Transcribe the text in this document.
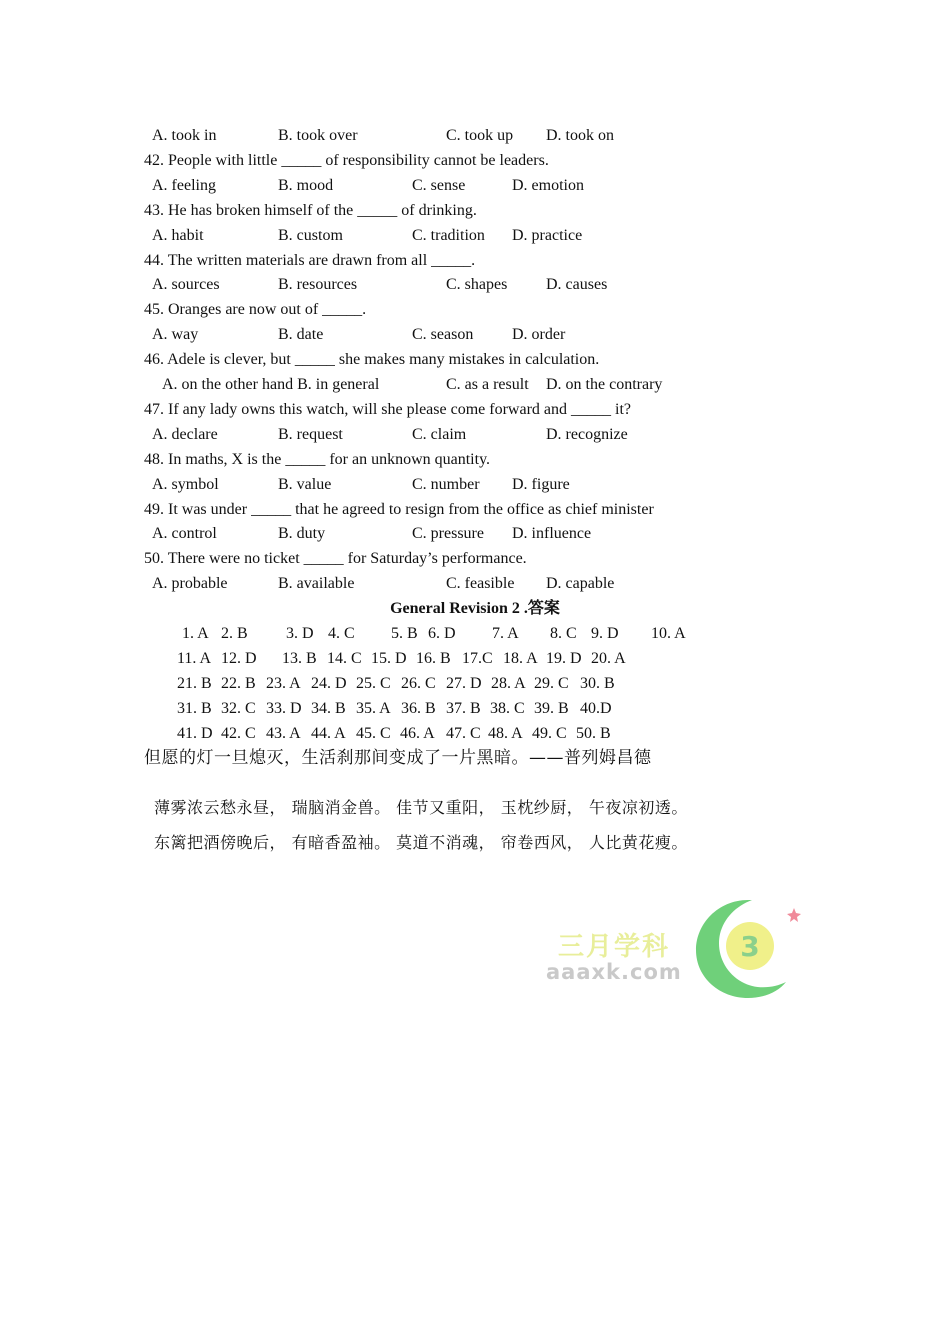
A. took in	B. took over	C. took up D. took on
42. People with little _____ of responsibility cannot be leaders.
A. feeling	B. mood	C. sense	D. emotion
43. He has broken himself of the _____ of drinking.
A. habit	B. custom	C. tradition D. practice
44. The written materials are drawn from all _____.
A. sources	B. resources	C. shapes D. causes
45. Oranges are now out of _____.
A. way	B. date	C. season D. order
46. Adele is clever, but _____ she makes many mistakes in calculation.
A. on the other hand B. in general	C. as a result D. on the contrary
47. If any lady owns this watch, will she please come forward and _____ it?
A. declare	B. request	C. claim	D. recognize
48. In maths, X is the _____ for an unknown quantity.
A. symbol	B. value	C. number D. figure
49. It was under _____ that he agreed to resign from the office as chief minister
A. control	B. duty	C. pressure D. influence
50. There were no ticket _____ for Saturday’s performance.
A. probable	B. available	C. feasible D. capable
General Revision 2 .答案
1. A 2. B 3. D 4. C 5. B 6. D 7. A 8. C 9. D 10. A
11. A 12. D 13. B 14. C 15. D 16. B 17.C 18. A 19. D 20. A
21. B 22. B 23. A 24. D 25. C 26. C 27. D 28. A 29. C 30. B
31. B 32. C 33. D 34. B 35. A 36. B 37. B 38. C 39. B 40.D
41. D 42. C 43. A 44. A 45. C 46. A 47. C 48. A 49. C 50. B
但愿的灯一旦熄灭，生活刹那间变成了一片黑暗。——普列姆昌德
薄雾浓云愁永昼， 瑞脑消金兽。 佳节又重阳， 玉枕纱厨， 午夜凉初透。
东篱把酒傍晚后， 有暗香盈袖。 莫道不消魂， 帘卷西风， 人比黄花瘦。
三月学科
aaaxk.com
3
